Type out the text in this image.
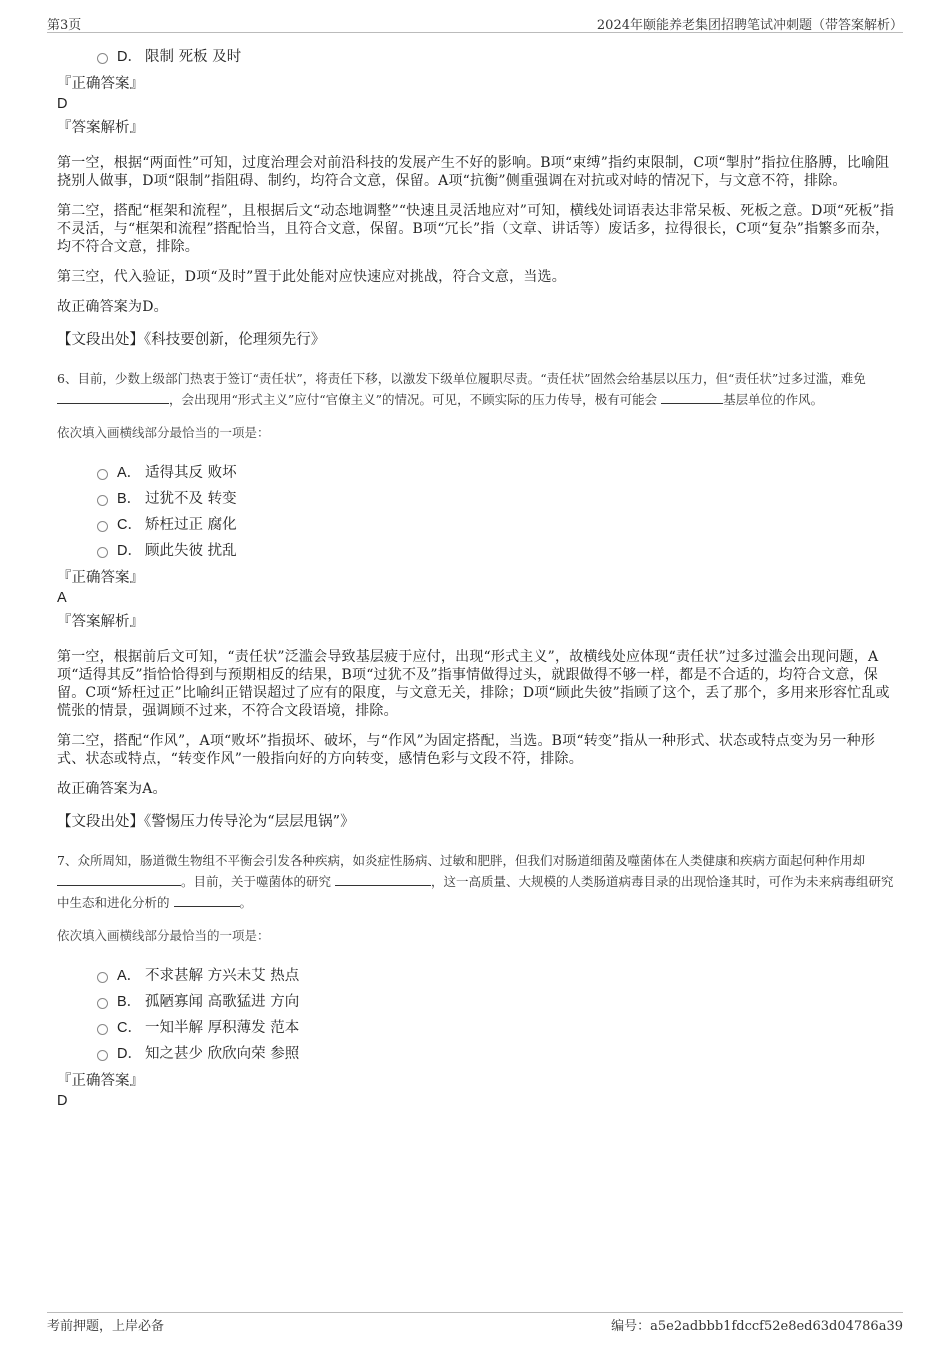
第3页	2024年颐能养老集团招聘笔试冲刺题（带答案解析）
D． 限制 死板 及时
『正确答案』
D
『答案解析』
第一空，根据“两面性”可知，过度治理会对前沿科技的发展产生不好的影响。B项“束缚”指约束限制，C项“掣肘”指拉住胳膊，比喻阻挠别人做事，D项“限制”指阻碍、制约，均符合文意，保留。A项“抗衡”侧重强调在对抗或对峙的情况下，与文意不符，排除。
第二空，搭配“框架和流程”，且根据后文“动态地调整”“快速且灵活地应对”可知，横线处词语表达非常呆板、死板之意。D项“死板”指不灵活，与“框架和流程”搭配恰当，且符合文意，保留。B项“冗长”指（文章、讲话等）废话多，拉得很长，C项“复杂”指繁多而杂，均不符合文意，排除。
第三空，代入验证，D项“及时”置于此处能对应快速应对挑战，符合文意，当选。
故正确答案为D。
【文段出处】《科技要创新，伦理须先行》
6、目前，少数上级部门热衷于签订“责任状”，将责任下移，以激发下级单位履职尽责。“责任状”固然会给基层以压力，但“责任状”过多过滥，难免 ，会出现用“形式主义”应付“官僚主义”的情况。可见，不顾实际的压力传导，极有可能会	基层单位的作风。
依次填入画横线部分最恰当的一项是：
A． 适得其反 败坏
B． 过犹不及 转变
C． 矫枉过正 腐化
D． 顾此失彼 扰乱
『正确答案』
A
『答案解析』
第一空，根据前后文可知，“责任状”泛滥会导致基层疲于应付，出现“形式主义”，故横线处应体现“责任状”过多过滥会出现问题，A项“适得其反”指恰恰得到与预期相反的结果，B项“过犹不及”指事情做得过头，就跟做得不够一样，都是不合适的，均符合文意，保留。C项“矫枉过正”比喻纠正错误超过了应有的限度，与文意无关，排除；D项“顾此失彼”指顾了这个，丢了那个，多用来形容忙乱或慌张的情景，强调顾不过来，不符合文段语境，排除。
第二空，搭配“作风”，A项“败坏”指损坏、破坏，与“作风”为固定搭配，当选。B项“转变”指从一种形式、状态或特点变为另一种形式、状态或特点，“转变作风”一般指向好的方向转变，感情色彩与文段不符，排除。
故正确答案为A。
【文段出处】《警惕压力传导沦为“层层甩锅”》
7、众所周知，肠道微生物组不平衡会引发各种疾病，如炎症性肠病、过敏和肥胖，但我们对肠道细菌及噬菌体在人类健康和疾病方面起何种作用却 。目前，关于噬菌体的研究	，这一高质量、大规模的人类肠道病毒目录的出现恰逢其时，可作为未来病毒组研究中生态和进化分析的	。
依次填入画横线部分最恰当的一项是：
A． 不求甚解 方兴未艾 热点
B． 孤陋寡闻 高歌猛进 方向
C． 一知半解 厚积薄发 范本
D． 知之甚少 欣欣向荣 参照
『正确答案』
D
考前押题，上岸必备	编号：a5e2adbbb1fdccf52e8ed63d04786a39
